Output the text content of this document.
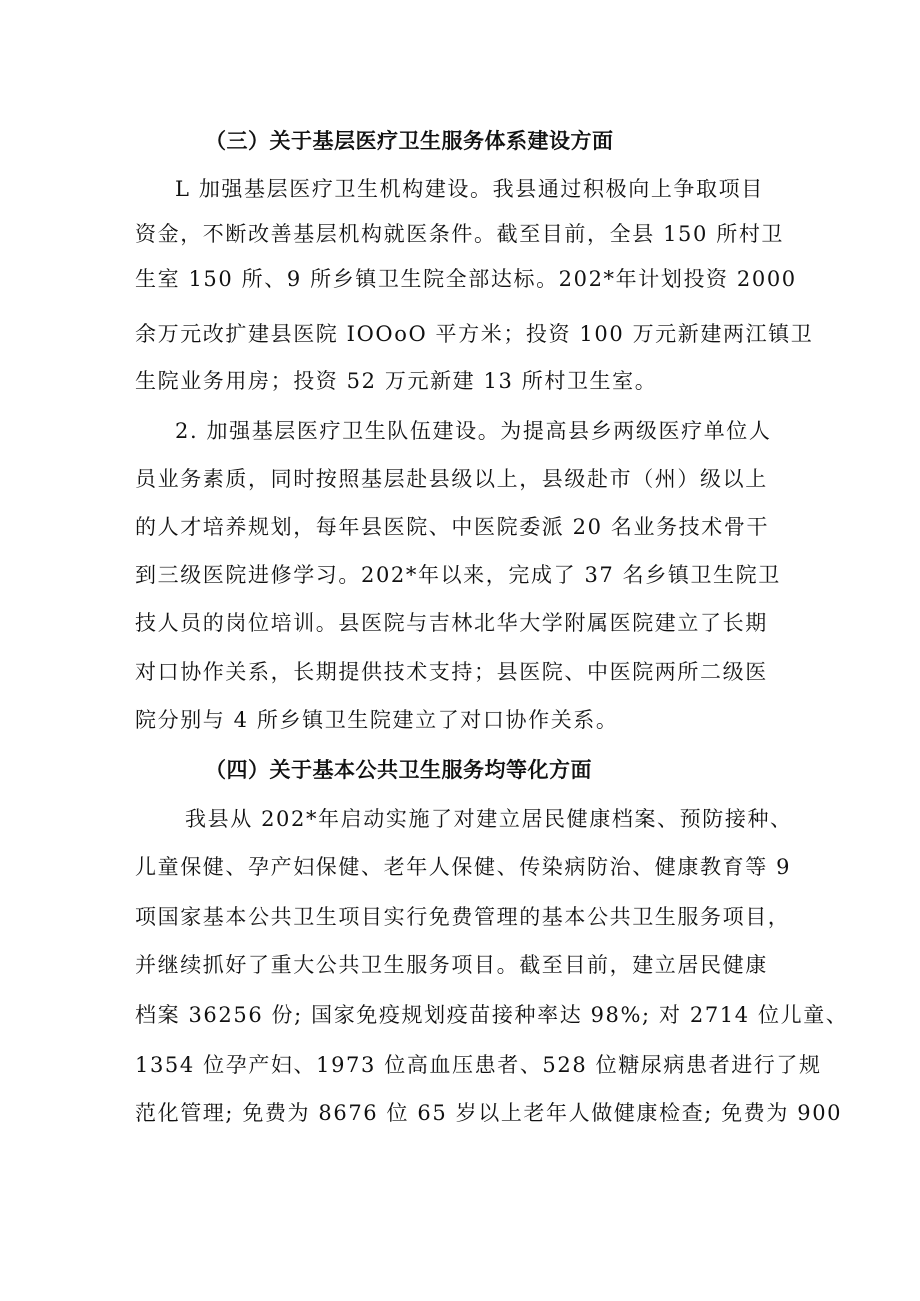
（三）关于基层医疗卫生服务体系建设方面
L 加强基层医疗卫生机构建设。我县通过积极向上争取项目
资金，不断改善基层机构就医条件。截至目前，全县 150 所村卫
生室 150 所、9 所乡镇卫生院全部达标。202*年计划投资 2000
余万元改扩建县医院 IOOoO 平方米；投资 100 万元新建两江镇卫
生院业务用房；投资 52 万元新建 13 所村卫生室。
2. 加强基层医疗卫生队伍建设。为提高县乡两级医疗单位人
员业务素质，同时按照基层赴县级以上，县级赴市（州）级以上
的人才培养规划，每年县医院、中医院委派 20 名业务技术骨干
到三级医院进修学习。202*年以来，完成了 37 名乡镇卫生院卫
技人员的岗位培训。县医院与吉林北华大学附属医院建立了长期
对口协作关系，长期提供技术支持；县医院、中医院两所二级医
院分别与 4 所乡镇卫生院建立了对口协作关系。
（四）关于基本公共卫生服务均等化方面
我县从 202*年启动实施了对建立居民健康档案、预防接种、
儿童保健、孕产妇保健、老年人保健、传染病防治、健康教育等 9
项国家基本公共卫生项目实行免费管理的基本公共卫生服务项目，
并继续抓好了重大公共卫生服务项目。截至目前，建立居民健康
档案 36256 份; 国家免疫规划疫苗接种率达 98%; 对 2714 位儿童、
1354 位孕产妇、1973 位高血压患者、528 位糖尿病患者进行了规
范化管理; 免费为 8676 位 65 岁以上老年人做健康检查; 免费为 900
